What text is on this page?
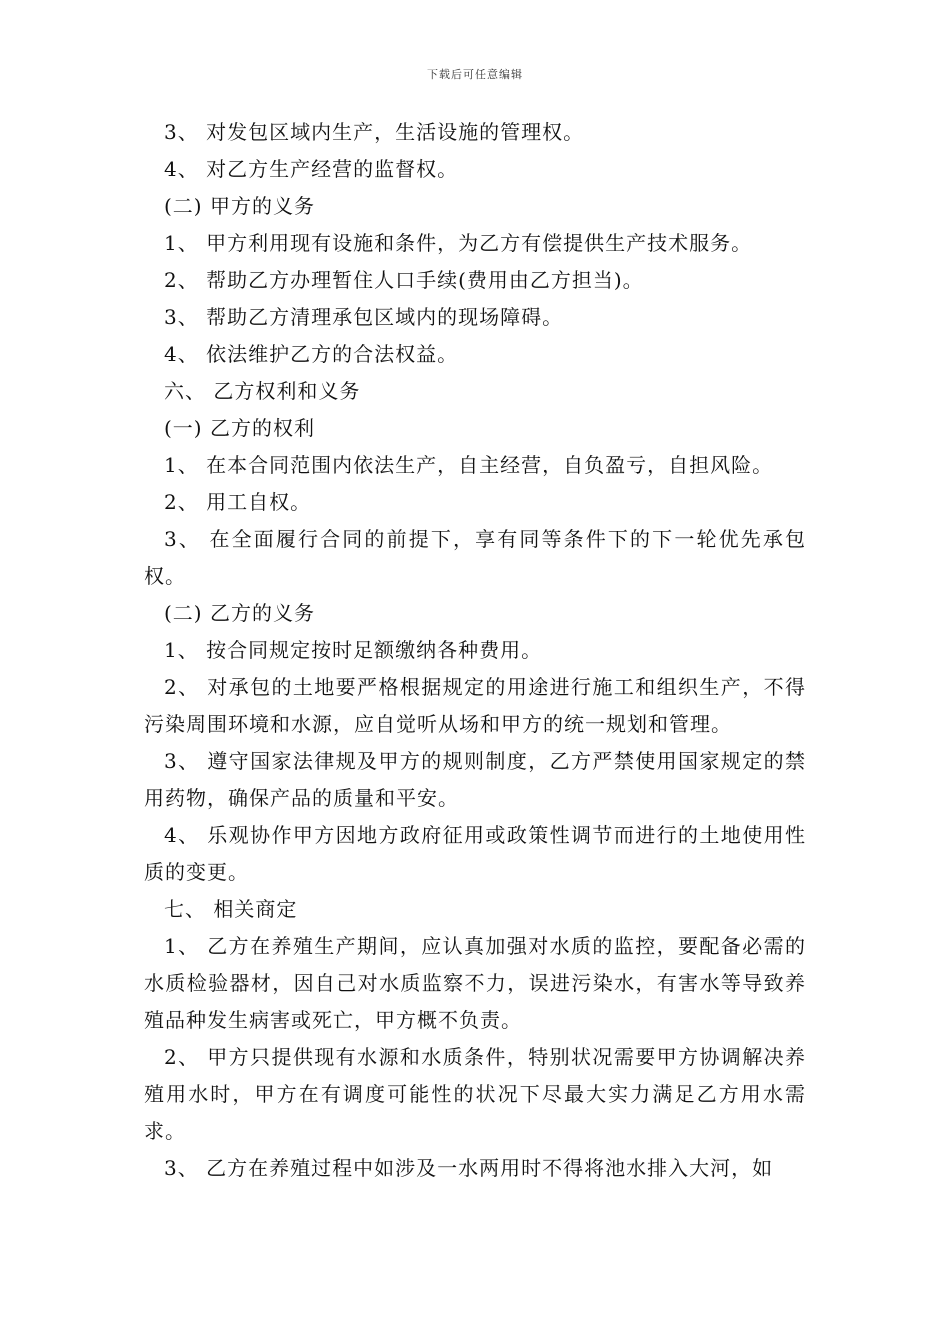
下载后可任意编辑

3、 对发包区域内生产，生活设施的管理权。

4、 对乙方生产经营的监督权。

(二) 甲方的义务

1、 甲方利用现有设施和条件，为乙方有偿提供生产技术服务。

2、 帮助乙方办理暂住人口手续(费用由乙方担当)。

3、 帮助乙方清理承包区域内的现场障碍。

4、 依法维护乙方的合法权益。

六、 乙方权利和义务

(一) 乙方的权利

1、 在本合同范围内依法生产，自主经营，自负盈亏，自担风险。

2、 用工自权。

3、 在全面履行合同的前提下，享有同等条件下的下一轮优先承包权。

(二) 乙方的义务

1、 按合同规定按时足额缴纳各种费用。

2、 对承包的土地要严格根据规定的用途进行施工和组织生产，不得污染周围环境和水源，应自觉听从场和甲方的统一规划和管理。

3、 遵守国家法律规及甲方的规则制度，乙方严禁使用国家规定的禁用药物，确保产品的质量和平安。

4、 乐观协作甲方因地方政府征用或政策性调节而进行的土地使用性质的变更。

七、 相关商定

1、 乙方在养殖生产期间，应认真加强对水质的监控，要配备必需的水质检验器材，因自己对水质监察不力，误进污染水，有害水等导致养殖品种发生病害或死亡，甲方概不负责。

2、 甲方只提供现有水源和水质条件，特别状况需要甲方协调解决养殖用水时，甲方在有调度可能性的状况下尽最大实力满足乙方用水需求。

3、 乙方在养殖过程中如涉及一水两用时不得将池水排入大河，如
